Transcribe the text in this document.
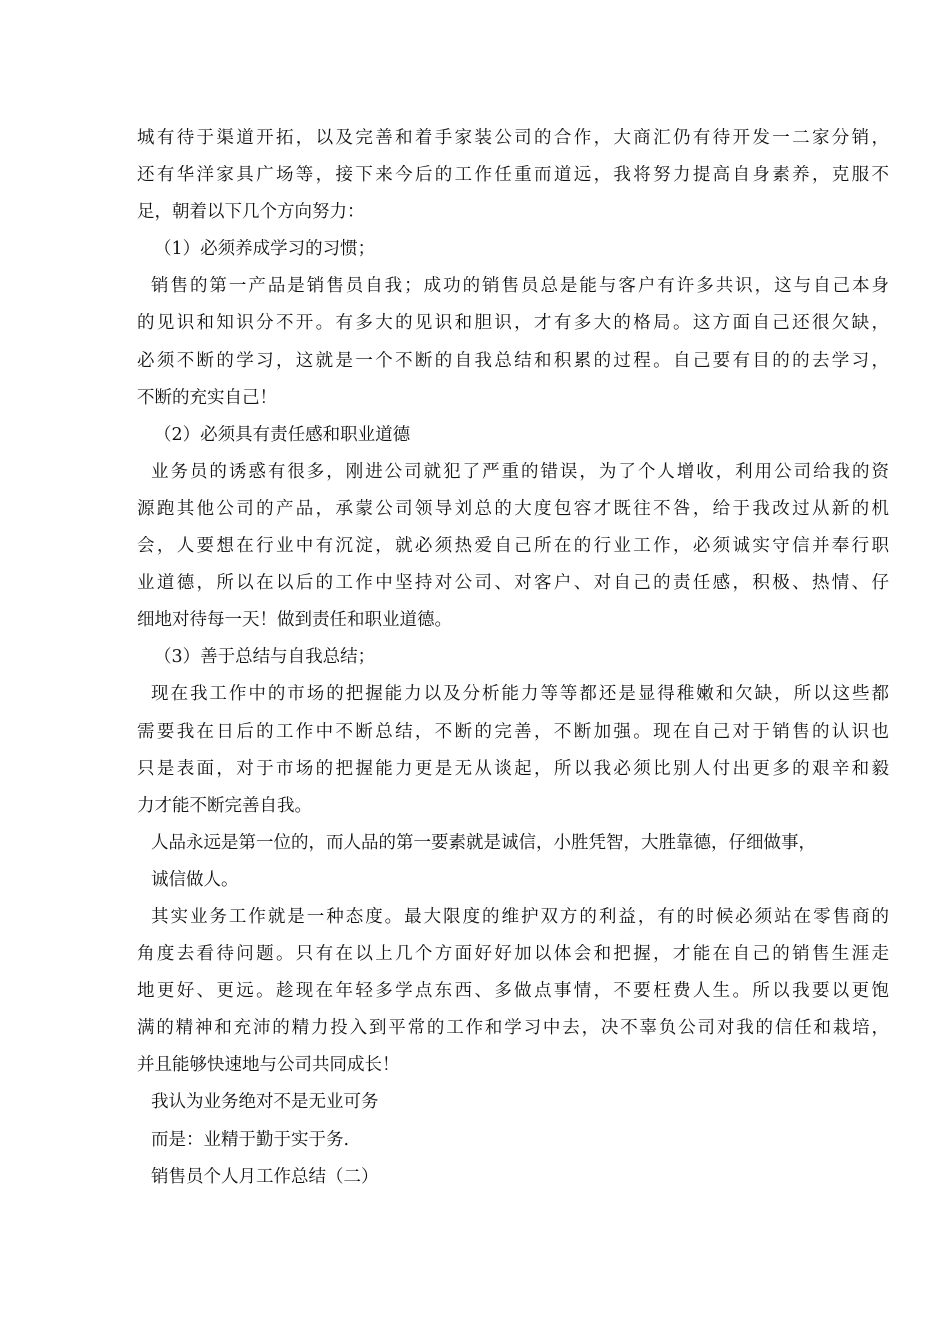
城有待于渠道开拓，以及完善和着手家装公司的合作，大商汇仍有待开发一二家分销，
还有华洋家具广场等，接下来今后的工作任重而道远，我将努力提高自身素养，克服不
足，朝着以下几个方向努力：
（1）必须养成学习的习惯；
销售的第一产品是销售员自我；成功的销售员总是能与客户有许多共识，这与自己本身
的见识和知识分不开。有多大的见识和胆识，才有多大的格局。这方面自己还很欠缺，
必须不断的学习，这就是一个不断的自我总结和积累的过程。自己要有目的的去学习，
不断的充实自己！
（2）必须具有责任感和职业道德
业务员的诱惑有很多，刚进公司就犯了严重的错误，为了个人增收，利用公司给我的资
源跑其他公司的产品，承蒙公司领导刘总的大度包容才既往不咎，给于我改过从新的机
会，人要想在行业中有沉淀，就必须热爱自己所在的行业工作，必须诚实守信并奉行职
业道德，所以在以后的工作中坚持对公司、对客户、对自己的责任感，积极、热情、仔
细地对待每一天！做到责任和职业道德。
（3）善于总结与自我总结；
现在我工作中的市场的把握能力以及分析能力等等都还是显得稚嫩和欠缺，所以这些都
需要我在日后的工作中不断总结，不断的完善，不断加强。现在自己对于销售的认识也
只是表面，对于市场的把握能力更是无从谈起，所以我必须比别人付出更多的艰辛和毅
力才能不断完善自我。
人品永远是第一位的，而人品的第一要素就是诚信，小胜凭智，大胜靠德，仔细做事，
诚信做人。
其实业务工作就是一种态度。最大限度的维护双方的利益，有的时候必须站在零售商的
角度去看待问题。只有在以上几个方面好好加以体会和把握，才能在自己的销售生涯走
地更好、更远。趁现在年轻多学点东西、多做点事情，不要枉费人生。所以我要以更饱
满的精神和充沛的精力投入到平常的工作和学习中去，决不辜负公司对我的信任和栽培，
并且能够快速地与公司共同成长！
我认为业务绝对不是无业可务
而是：业精于勤于实于务.
销售员个人月工作总结（二）
